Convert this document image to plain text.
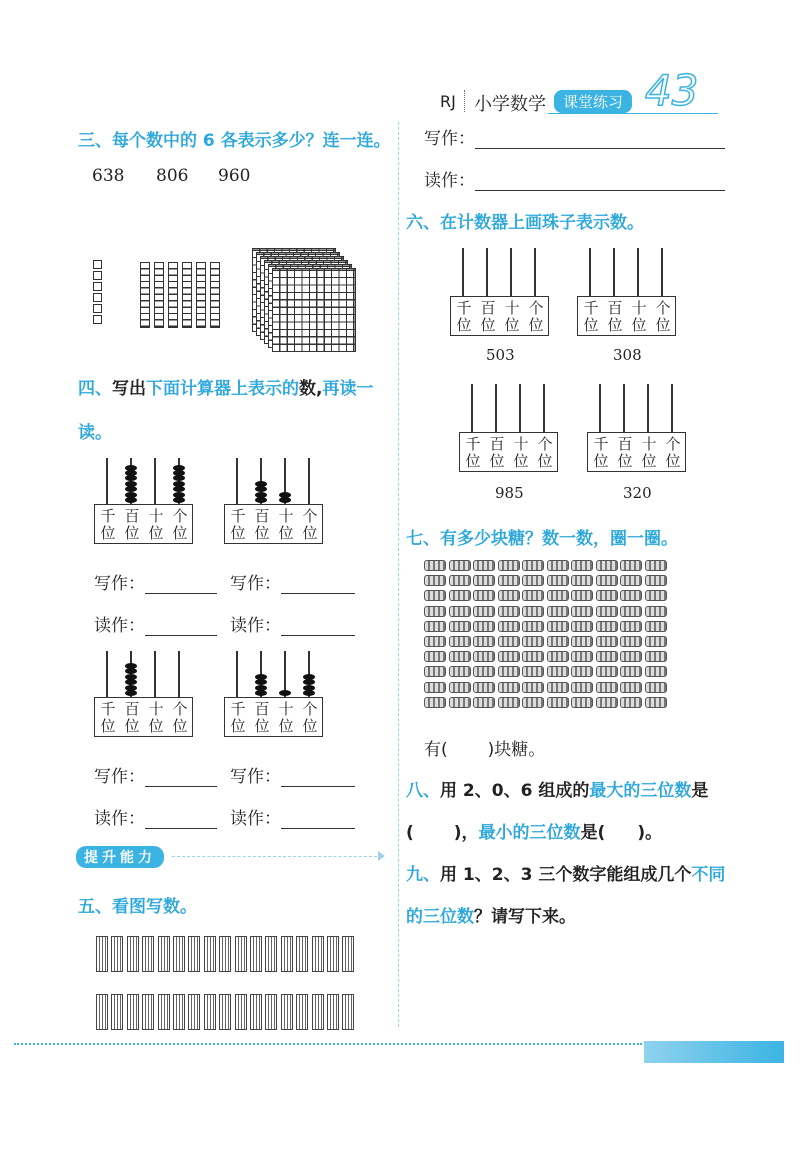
RJ 小学数学	课堂练习 43
三、每个数中的 6 各表示多少？连一连。
638 806 960
四、写出下面计算器上表示的数,再读一
读。
千
位
百
位
十
位
个
位
千
位
百
位
十
位
个
位
千
位
百
位
十
位
个
位
千
位
百
位
十
位
个
位
写作：	写作：
读作：	读作：
写作：	写作：
读作：	读作：
提升能力
五、看图写数。
写作：
读作：
六、在计数器上画珠子表示数。
千
位
百
位
十
位
个
位
千
位
百
位
十
位
个
位
千
位
百
位
十
位
个
位
千
位
百
位
十
位
个
位
503	308
985	320
七、有多少块糖？数一数，圈一圈。
有( )块糖。
八、用 2、0、6 组成的最大的三位数是
( )，最小的三位数是( )。
九、用 1、2、3 三个数字能组成几个不同
的三位数？请写下来。
